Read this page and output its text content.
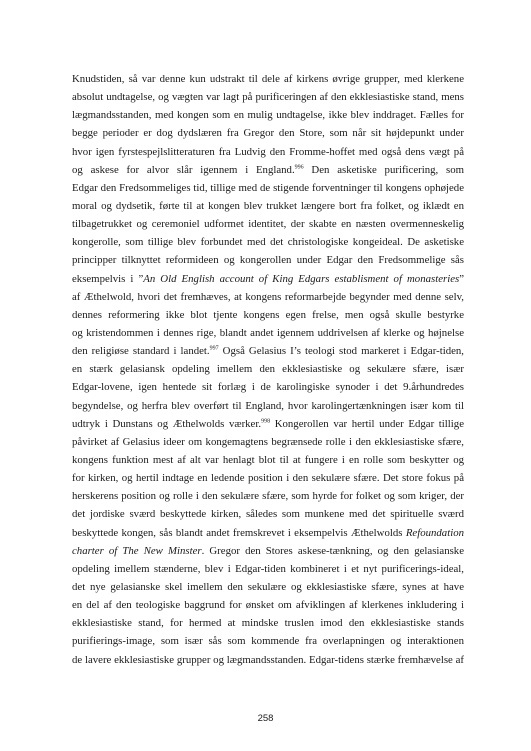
Knudstiden, så var denne kun udstrakt til dele af kirkens øvrige grupper, med klerkene
absolut undtagelse, og vægten var lagt på purificeringen af den ekklesiastiske stand, mens
lægmandsstanden, med kongen som en mulig undtagelse, ikke blev inddraget. Fælles for
begge perioder er dog dydslæren fra Gregor den Store, som når sit højdepunkt under
hvor igen fyrstespejlslitteraturen fra Ludvig den Fromme-hoffet med også dens vægt på
og askese for alvor slår igennem i England.$^{996}$ Den asketiske purificering, som
Edgar den Fredsommeliges tid, tillige med de stigende forventninger til kongens ophøjede
moral og dydsetik, førte til at kongen blev trukket længere bort fra folket, og iklædt en
tilbagetrukket og ceremoniel udformet identitet, der skabte en næsten overmenneskelig
kongerolle, som tillige blev forbundet med det christologiske kongeideal. De asketiske
principper tilknyttet reformideen og kongerollen under Edgar den Fredsommelige sås
eksempelvis i ”An Old English account of King Edgars establisment of monasteries”
af Æthelwold, hvori det fremhæves, at kongens reformarbejde begynder med denne selv,
dennes reformering ikke blot tjente kongens egen frelse, men også skulle bestyrke
og kristendommen i dennes rige, blandt andet igennem uddrivelsen af klerke og højnelse
den religiøse standard i landet.$^{997}$ Også Gelasius I’s teologi stod markeret i Edgar-tiden,
en stærk gelasiansk opdeling imellem den ekklesiastiske og sekulære sfære, især
Edgar-lovene, igen hentede sit forlæg i de karolingiske synoder i det 9.århundredes
begyndelse, og herfra blev overført til England, hvor karolingertænkningen især kom til
udtryk i Dunstans og Æthelwolds værker.$^{998}$ Kongerollen var hertil under Edgar tillige
påvirket af Gelasius ideer om kongemagtens begrænsede rolle i den ekklesiastiske sfære,
kongens funktion mest af alt var henlagt blot til at fungere i en rolle som beskytter og
for kirken, og hertil indtage en ledende position i den sekulære sfære. Det store fokus på
herskerens position og rolle i den sekulære sfære, som hyrde for folket og som kriger, der
det jordiske sværd beskyttede kirken, således som munkene med det spirituelle sværd
beskyttede kongen, sås blandt andet fremskrevet i eksempelvis Æthelwolds Refoundation
charter of The New Minster. Gregor den Stores askese-tænkning, og den gelasianske
opdeling imellem stænderne, blev i Edgar-tiden kombineret i et nyt purificerings-ideal,
det nye gelasianske skel imellem den sekulære og ekklesiastiske sfære, synes at have
en del af den teologiske baggrund for ønsket om afviklingen af klerkenes inkludering i
ekklesiastiske stand, for hermed at mindske truslen imod den ekklesiastiske stands
purifierings-image, som især sås som kommende fra overlapningen og interaktionen
de lavere ekklesiastiske grupper og lægmandsstanden. Edgar-tidens stærke fremhævelse af
258
